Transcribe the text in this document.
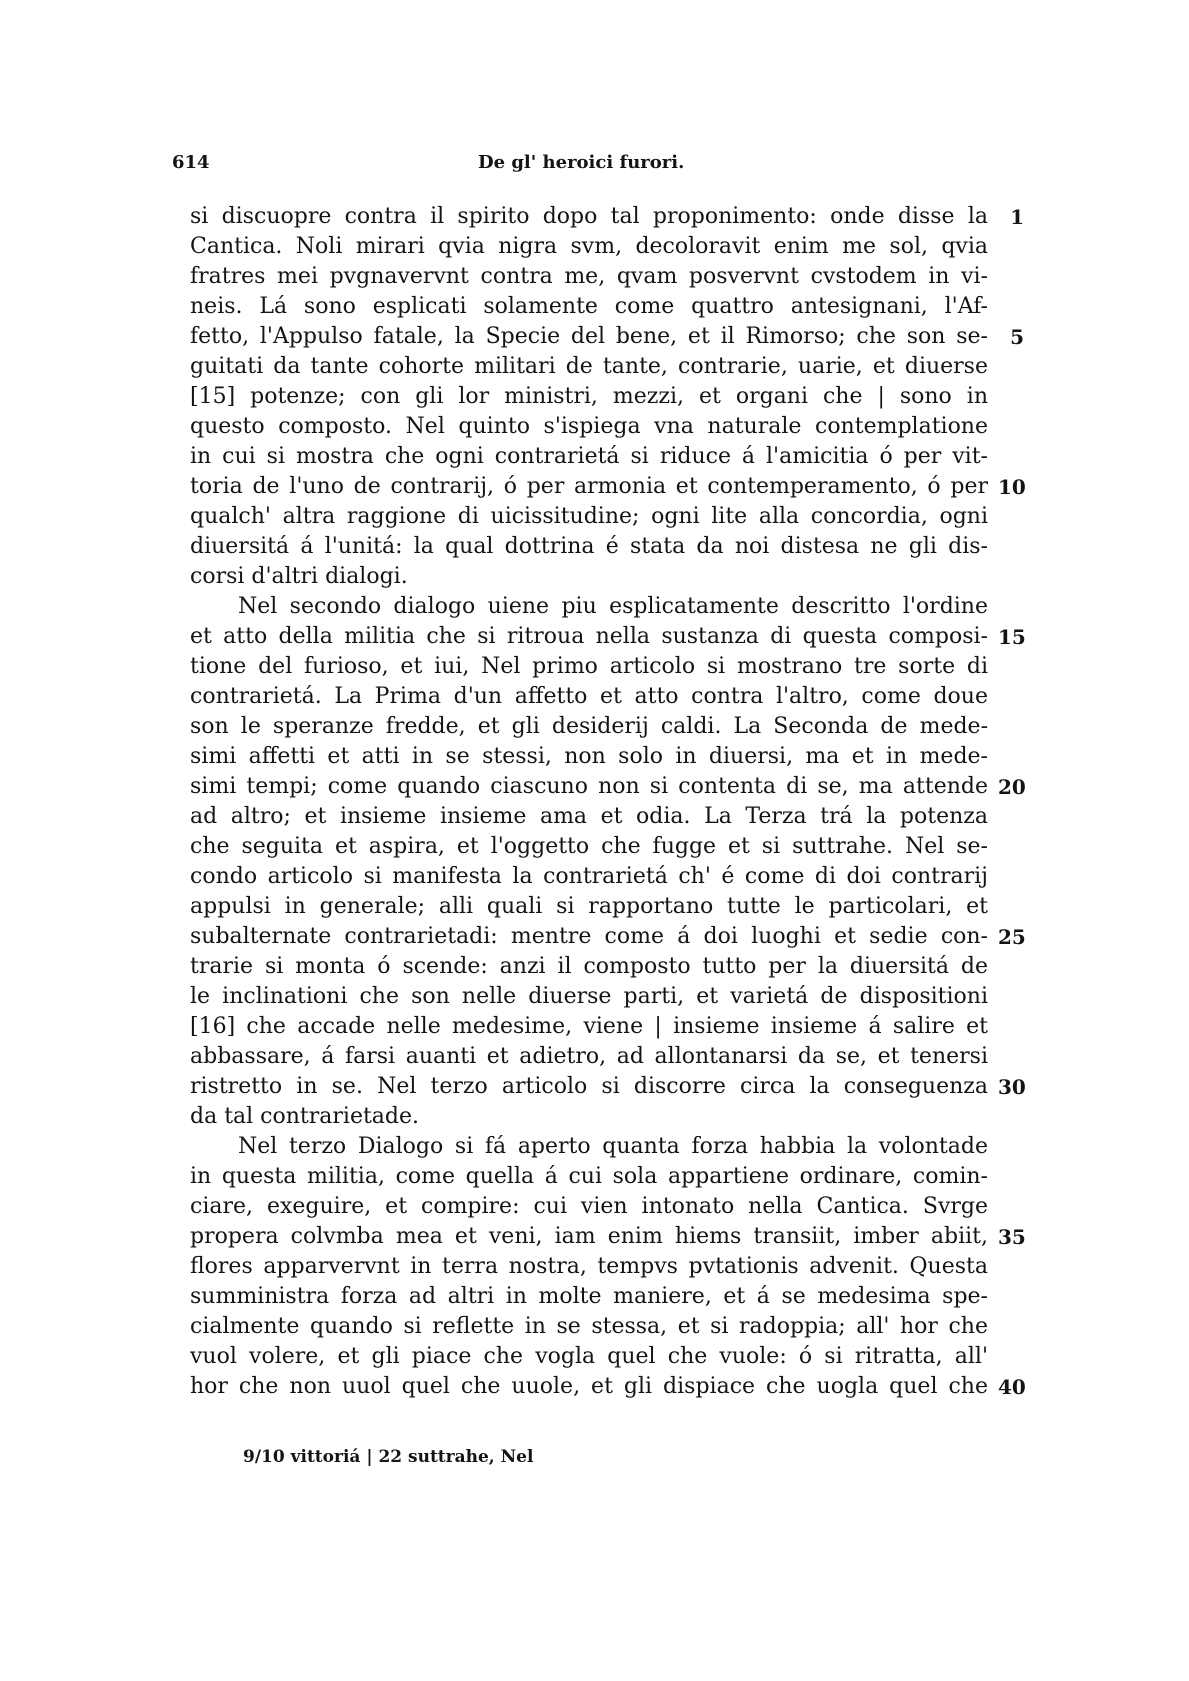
614	De gl' heroici furori.
si discuopre contra il spirito dopo tal proponimento: onde disse la	1
Cantica. Noli mirari qvia nigra svm, decoloravit enim me sol, qvia
fratres mei pvgnavervnt contra me, qvam posvervnt cvstodem in vi-
neis. Lá sono esplicati solamente come quattro antesignani, l'Af-
fetto, l'Appulso fatale, la Specie del bene, et il Rimorso; che son se-	5
guitati da tante cohorte militari de tante, contrarie, uarie, et diuerse
[15] potenze; con gli lor ministri, mezzi, et organi che | sono in
questo composto. Nel quinto s'ispiega vna naturale contemplatione
in cui si mostra che ogni contrarietá si riduce á l'amicitia ó per vit-
toria de l'uno de contrarij, ó per armonia et contemperamento, ó per 10
qualch' altra raggione di uicissitudine; ogni lite alla concordia, ogni
diuersitá á l'unitá: la qual dottrina é stata da noi distesa ne gli dis-
corsi d'altri dialogi.
Nel secondo dialogo uiene piu esplicatamente descritto l'ordine
et atto della militia che si ritroua nella sustanza di questa composi- 15
tione del furioso, et iui, Nel primo articolo si mostrano tre sorte di
contrarietá. La Prima d'un affetto et atto contra l'altro, come doue
son le speranze fredde, et gli desiderij caldi. La Seconda de mede-
simi affetti et atti in se stessi, non solo in diuersi, ma et in mede-
simi tempi; come quando ciascuno non si contenta di se, ma attende 20
ad altro; et insieme insieme ama et odia. La Terza trá la potenza
che seguita et aspira, et l'oggetto che fugge et si suttrahe. Nel se-
condo articolo si manifesta la contrarietá ch' é come di doi contrarij
appulsi in generale; alli quali si rapportano tutte le particolari, et
subalternate contrarietadi: mentre come á doi luoghi et sedie con- 25
trarie si monta ó scende: anzi il composto tutto per la diuersitá de
le inclinationi che son nelle diuerse parti, et varietá de dispositioni
[16] che accade nelle medesime, viene | insieme insieme á salire et
abbassare, á farsi auanti et adietro, ad allontanarsi da se, et tenersi
ristretto in se. Nel terzo articolo si discorre circa la conseguenza 30
da tal contrarietade.
Nel terzo Dialogo si fá aperto quanta forza habbia la volontade
in questa militia, come quella á cui sola appartiene ordinare, comin-
ciare, exeguire, et compire: cui vien intonato nella Cantica. Svrge
propera colvmba mea et veni, iam enim hiems transiit, imber abiit, 35
flores apparvervnt in terra nostra, tempvs pvtationis advenit. Questa
sumministra forza ad altri in molte maniere, et á se medesima spe-
cialmente quando si reflette in se stessa, et si radoppia; all' hor che
vuol volere, et gli piace che vogla quel che vuole: ó si ritratta, all'
hor che non uuol quel che uuole, et gli dispiace che uogla quel che 40
9/10 vittoriá | 22 suttrahe, Nel
